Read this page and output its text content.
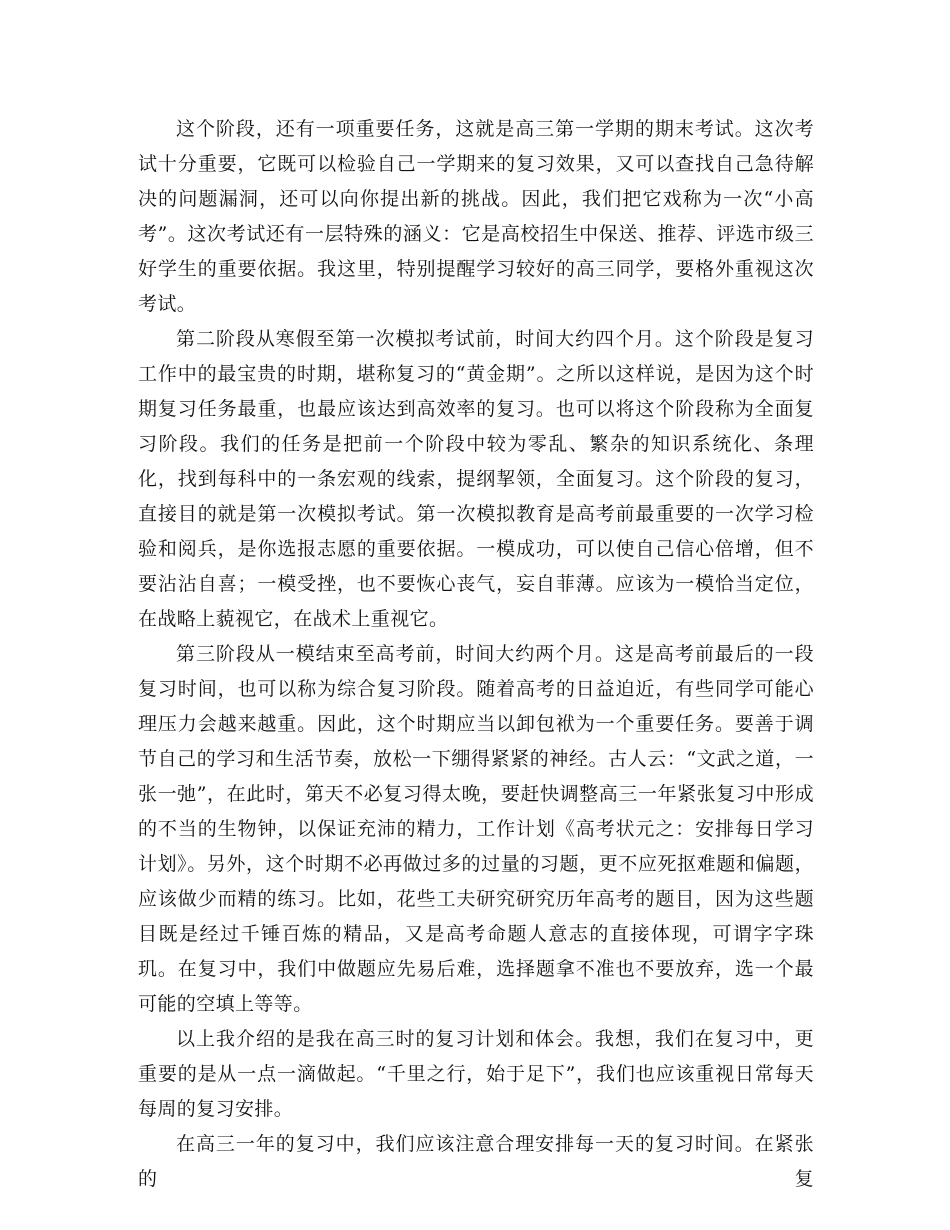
这个阶段，还有一项重要任务，这就是高三第一学期的期末考试。这次考试十分重要，它既可以检验自己一学期来的复习效果，又可以查找自己急待解决的问题漏洞，还可以向你提出新的挑战。因此，我们把它戏称为一次“小高考”。这次考试还有一层特殊的涵义：它是高校招生中保送、推荐、评选市级三好学生的重要依据。我这里，特别提醒学习较好的高三同学，要格外重视这次考试。

第二阶段从寒假至第一次模拟考试前，时间大约四个月。这个阶段是复习工作中的最宝贵的时期，堪称复习的“黄金期”。之所以这样说，是因为这个时期复习任务最重，也最应该达到高效率的复习。也可以将这个阶段称为全面复习阶段。我们的任务是把前一个阶段中较为零乱、繁杂的知识系统化、条理化，找到每科中的一条宏观的线索，提纲挈领，全面复习。这个阶段的复习，直接目的就是第一次模拟考试。第一次模拟教育是高考前最重要的一次学习检验和阅兵，是你选报志愿的重要依据。一模成功，可以使自己信心倍增，但不要沾沾自喜；一模受挫，也不要恢心丧气，妄自菲薄。应该为一模恰当定位，在战略上藐视它，在战术上重视它。

第三阶段从一模结束至高考前，时间大约两个月。这是高考前最后的一段复习时间，也可以称为综合复习阶段。随着高考的日益迫近，有些同学可能心理压力会越来越重。因此，这个时期应当以卸包袱为一个重要任务。要善于调节自己的学习和生活节奏，放松一下绷得紧紧的神经。古人云：“文武之道，一张一弛”，在此时，第天不必复习得太晚，要赶快调整高三一年紧张复习中形成的不当的生物钟，以保证充沛的精力，工作计划《高考状元之：安排每日学习计划》。另外，这个时期不必再做过多的过量的习题，更不应死抠难题和偏题，应该做少而精的练习。比如，花些工夫研究研究历年高考的题目，因为这些题目既是经过千锤百炼的精品，又是高考命题人意志的直接体现，可谓字字珠玑。在复习中，我们中做题应先易后难，选择题拿不准也不要放弃，选一个最可能的空填上等等。

以上我介绍的是我在高三时的复习计划和体会。我想，我们在复习中，更重要的是从一点一滴做起。“千里之行，始于足下”，我们也应该重视日常每天每周的复习安排。

在高三一年的复习中，我们应该注意合理安排每一天的复习时间。在紧张的复
